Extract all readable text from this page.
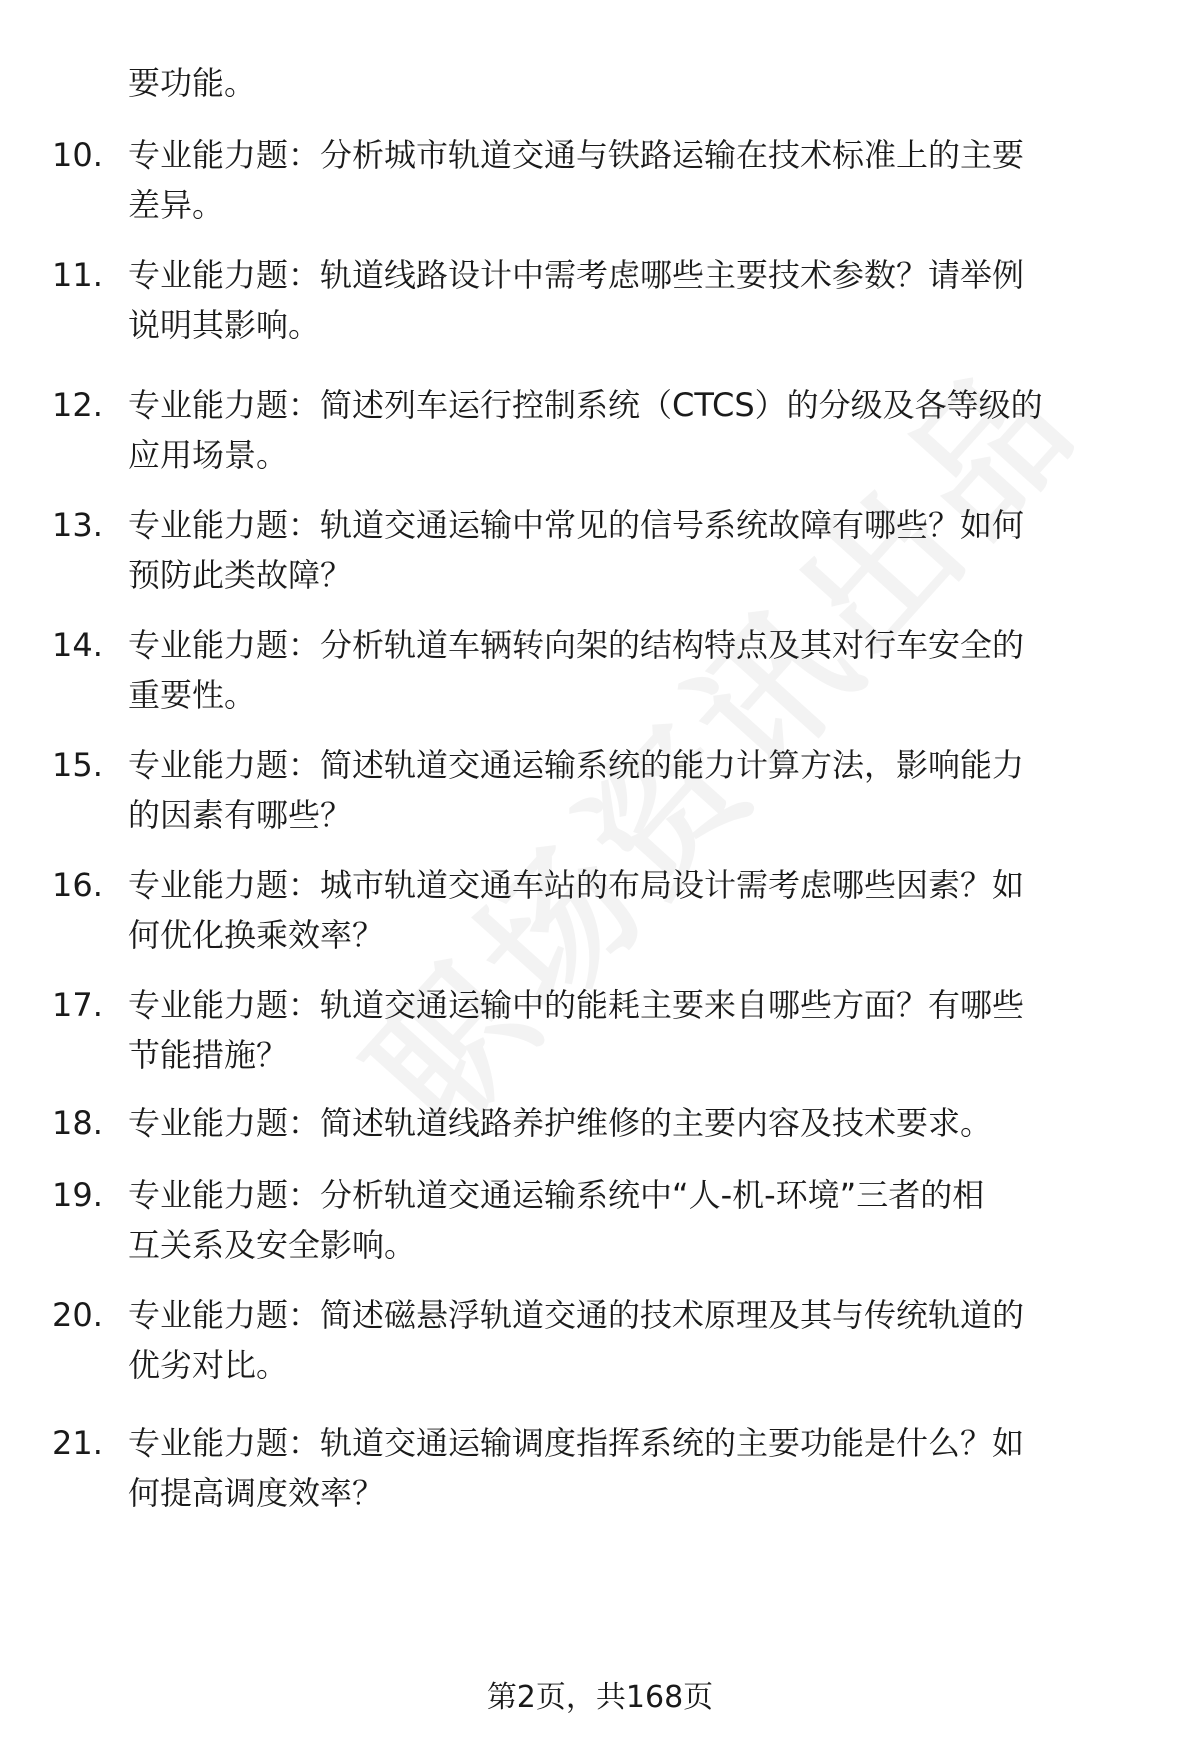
要功能。
10. 专业能力题：分析城市轨道交通与铁路运输在技术标准上的主要
差异。
11. 专业能力题：轨道线路设计中需考虑哪些主要技术参数？请举例
说明其影响。
12. 专业能力题：简述列车运行控制系统（CTCS）的分级及各等级的
应用场景。
13. 专业能力题：轨道交通运输中常见的信号系统故障有哪些？如何
预防此类故障？
14. 专业能力题：分析轨道车辆转向架的结构特点及其对行车安全的
重要性。
15. 专业能力题：简述轨道交通运输系统的能力计算方法，影响能力
的因素有哪些？
16. 专业能力题：城市轨道交通车站的布局设计需考虑哪些因素？如
何优化换乘效率？
17. 专业能力题：轨道交通运输中的能耗主要来自哪些方面？有哪些
节能措施？
18. 专业能力题：简述轨道线路养护维修的主要内容及技术要求。
19. 专业能力题：分析轨道交通运输系统中“人-机-环境”三者的相
互关系及安全影响。
20. 专业能力题：简述磁悬浮轨道交通的技术原理及其与传统轨道的
优劣对比。
21. 专业能力题：轨道交通运输调度指挥系统的主要功能是什么？如
何提高调度效率？
第2页，共168页
